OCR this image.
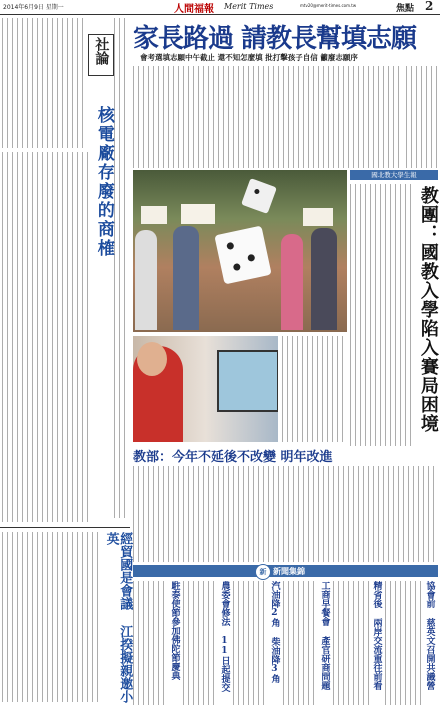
2014年6月9日 星期一	人間福報 Merit Times	mtv20@merit-times.com.tw	焦點 2
社論
核電廠存廢的商榷
經貿國是會議 江揆擬親邀小英
家長路過 請教長幫填志願
會考選填志願中午截止 還不知怎麼填 批打擊孩子自信 籲廢志願序
國北教大學生報
教團：國教入學陷入賽局困境
教部：今年不延後不改變 明年改進
新 新聞集錦
協會前 慈英文召開共識營
精省後 兩岸交流重往前看
工商早餐會 產官研商問題
汽油降2角 柴油降3角
農委會修法 11日起提交
駐泰使節參加佛陀節慶典
